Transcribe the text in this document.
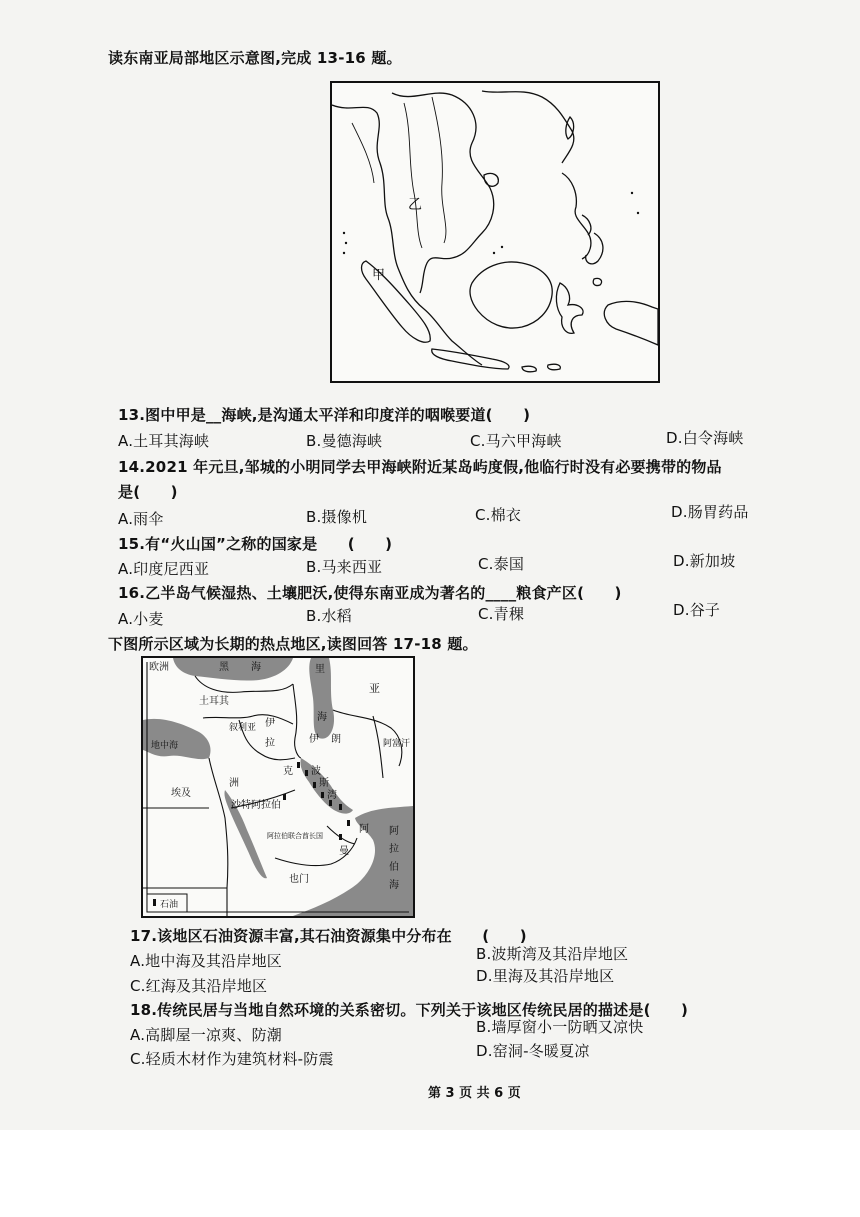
读东南亚局部地区示意图,完成 13-16 题。
甲
乙
13.图中甲是__海峡,是沟通太平洋和印度洋的咽喉要道(　　)
A.土耳其海峡	B.曼德海峡	C.马六甲海峡	D.白令海峡
14.2021 年元旦,邹城的小明同学去甲海峡附近某岛屿度假,他临行时没有必要携带的物品
是(　　)
A.雨伞	B.摄像机	C.棉衣	D.肠胃药品
15.有“火山国”之称的国家是　　(　　)
A.印度尼西亚	B.马来西亚	C.泰国	D.新加坡
16.乙半岛气候湿热、土壤肥沃,使得东南亚成为著名的____粮食产区(　　)
A.小麦	B.水稻	C.青稞	D.谷子
下图所示区域为长期的热点地区,读图回答 17-18 题。
石油
欧洲	黑 海	里
海
亚
土耳其
叙利亚 伊
拉
克
伊 朗	阿富汗
地中海
埃及
洲
沙特阿拉伯
阿拉伯联合酋长国
波
斯
湾
阿
曼
也门
阿
拉
伯
海
17.该地区石油资源丰富,其石油资源集中分布在　　(　　)
A.地中海及其沿岸地区	B.波斯湾及其沿岸地区
C.红海及其沿岸地区
D.里海及其沿岸地区
18.传统民居与当地自然环境的关系密切。下列关于该地区传统民居的描述是(　　)
A.高脚屋一凉爽、防潮	B.墙厚窗小一防晒又凉快
C.轻质木材作为建筑材料-防震	D.窑洞-冬暖夏凉
第 3 页 共 6 页
